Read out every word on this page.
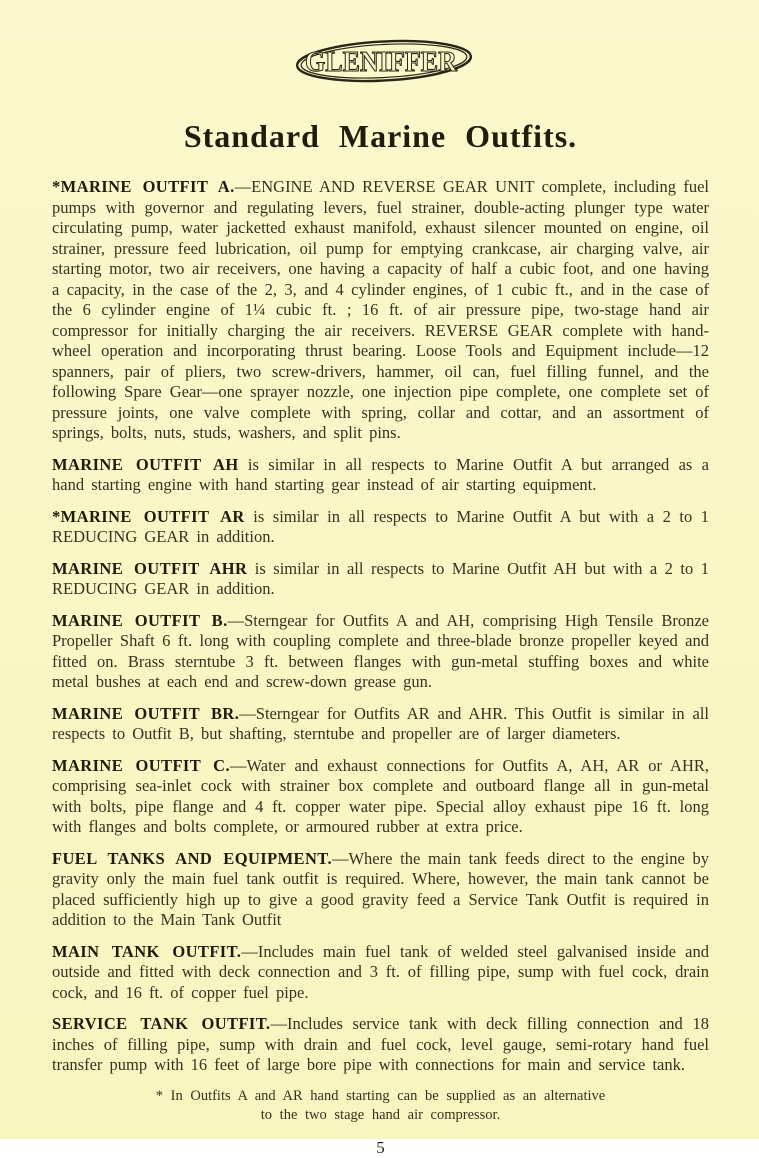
GLENIFFER
Standard Marine Outfits.

*MARINE OUTFIT A.—ENGINE AND REVERSE GEAR UNIT complete, including fuel pumps with governor and regulating levers, fuel strainer, double-acting plunger type water circulating pump, water jacketted exhaust manifold, exhaust silencer mounted on engine, oil strainer, pressure feed lubrication, oil pump for emptying crankcase, air charging valve, air starting motor, two air receivers, one having a capacity of half a cubic foot, and one having a capacity, in the case of the 2, 3, and 4 cylinder engines, of 1 cubic ft., and in the case of the 6 cylinder engine of 1¼ cubic ft. ; 16 ft. of air pressure pipe, two-stage hand air compressor for initially charging the air receivers. REVERSE GEAR complete with hand-wheel operation and incorporating thrust bearing. Loose Tools and Equipment include—12 spanners, pair of pliers, two screw-drivers, hammer, oil can, fuel filling funnel, and the following Spare Gear—one sprayer nozzle, one injection pipe complete, one complete set of pressure joints, one valve complete with spring, collar and cottar, and an assortment of springs, bolts, nuts, studs, washers, and split pins.

MARINE OUTFIT AH is similar in all respects to Marine Outfit A but arranged as a hand starting engine with hand starting gear instead of air starting equipment.

*MARINE OUTFIT AR is similar in all respects to Marine Outfit A but with a 2 to 1 REDUCING GEAR in addition.

MARINE OUTFIT AHR is similar in all respects to Marine Outfit AH but with a 2 to 1 REDUCING GEAR in addition.

MARINE OUTFIT B.—Sterngear for Outfits A and AH, comprising High Tensile Bronze Propeller Shaft 6 ft. long with coupling complete and three-blade bronze propeller keyed and fitted on. Brass sterntube 3 ft. between flanges with gun-metal stuffing boxes and white metal bushes at each end and screw-down grease gun.

MARINE OUTFIT BR.—Sterngear for Outfits AR and AHR. This Outfit is similar in all respects to Outfit B, but shafting, sterntube and propeller are of larger diameters.

MARINE OUTFIT C.—Water and exhaust connections for Outfits A, AH, AR or AHR, comprising sea-inlet cock with strainer box complete and outboard flange all in gun-metal with bolts, pipe flange and 4 ft. copper water pipe. Special alloy exhaust pipe 16 ft. long with flanges and bolts complete, or armoured rubber at extra price.

FUEL TANKS AND EQUIPMENT.—Where the main tank feeds direct to the engine by gravity only the main fuel tank outfit is required. Where, however, the main tank cannot be placed sufficiently high up to give a good gravity feed a Service Tank Outfit is required in addition to the Main Tank Outfit

MAIN TANK OUTFIT.—Includes main fuel tank of welded steel galvanised inside and outside and fitted with deck connection and 3 ft. of filling pipe, sump with fuel cock, drain cock, and 16 ft. of copper fuel pipe.

SERVICE TANK OUTFIT.—Includes service tank with deck filling connection and 18 inches of filling pipe, sump with drain and fuel cock, level gauge, semi-rotary hand fuel transfer pump with 16 feet of large bore pipe with connections for main and service tank.

* In Outfits A and AR hand starting can be supplied as an alternative
to the two stage hand air compressor.
5
